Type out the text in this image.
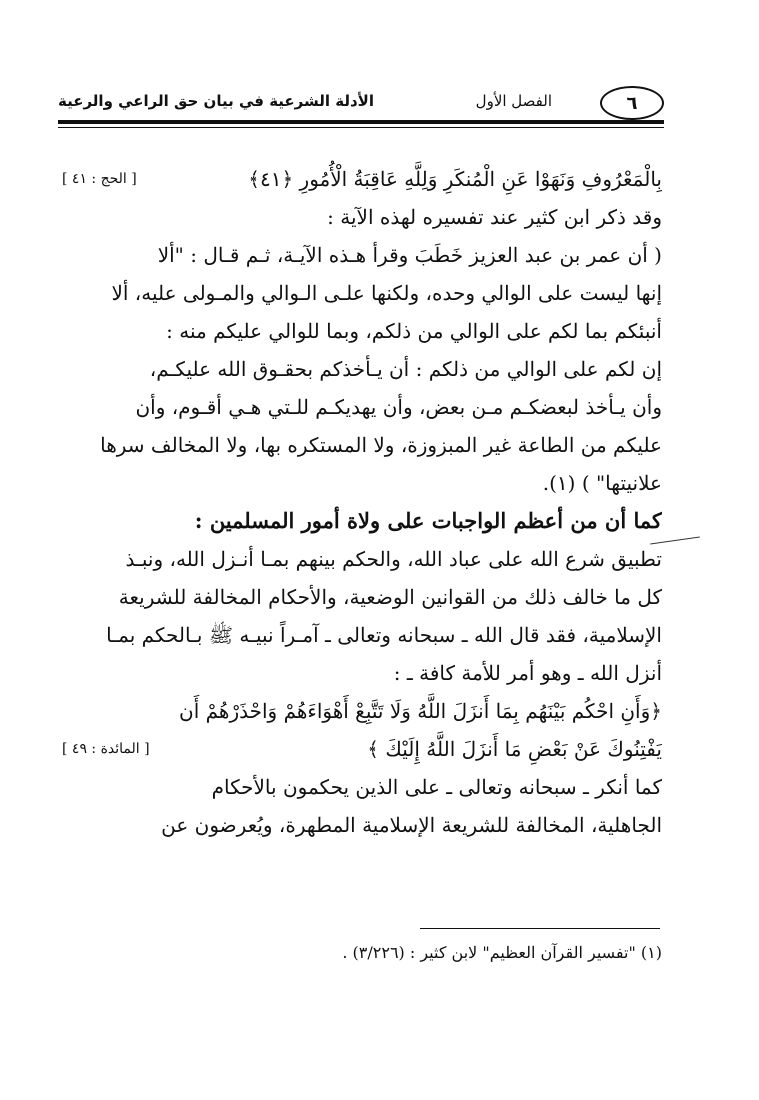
٦
الفصل الأول
الأدلة الشرعية في بيان حق الراعي والرعية
بِالْمَعْرُوفِ وَنَهَوْا عَنِ الْمُنكَرِ وَلِلَّهِ عَاقِبَةُ الْأُمُورِ ﴿٤١﴾
[ الحج : ٤١ ]
وقد ذكر ابن كثير عند تفسيره لهذه الآية :
( أن عمر بن عبد العزيز خَطَبَ وقرأ هـذه الآيـة، ثـم قـال : "ألا
إنها ليست على الوالي وحده، ولكنها علـى الـوالي والمـولى عليه، ألا
أنبئكم بما لكم على الوالي من ذلكم، وبما للوالي عليكم منه :
إن لكم على الوالي من ذلكم : أن يـأخذكم بحقـوق الله عليكـم،
وأن يـأخذ لبعضكـم مـن بعض، وأن يهديكـم للـتي هـي أقـوم، وأن
عليكم من الطاعة غير المبزوزة، ولا المستكره بها، ولا المخالف سرها
علانيتها" ) (١).
كما أن من أعظم الواجبات على ولاة أمور المسلمين :
تطبيق شرع الله على عباد الله، والحكم بينهم بمـا أنـزل الله، ونبـذ
كل ما خالف ذلك من القوانين الوضعية، والأحكام المخالفة للشريعة
الإسلامية، فقد قال الله ـ سبحانه وتعالى ـ آمـراً نبيـه ﷺ بـالحكم بمـا
أنزل الله ـ وهو أمر للأمة كافة ـ :
﴿وَأَنِ احْكُم بَيْنَهُم بِمَا أَنزَلَ اللَّهُ وَلَا تَتَّبِعْ أَهْوَاءَهُمْ وَاحْذَرْهُمْ أَن
يَفْتِنُوكَ عَنْ بَعْضِ مَا أَنزَلَ اللَّهُ إِلَيْكَ ﴾
[ المائدة : ٤٩ ]
كما أنكر ـ سبحانه وتعالى ـ على الذين يحكمون بالأحكام
الجاهلية، المخالفة للشريعة الإسلامية المطهرة، ويُعرضون عن
(١) "تفسير القرآن العظيم" لابن كثير : (٣/٢٢٦) .
